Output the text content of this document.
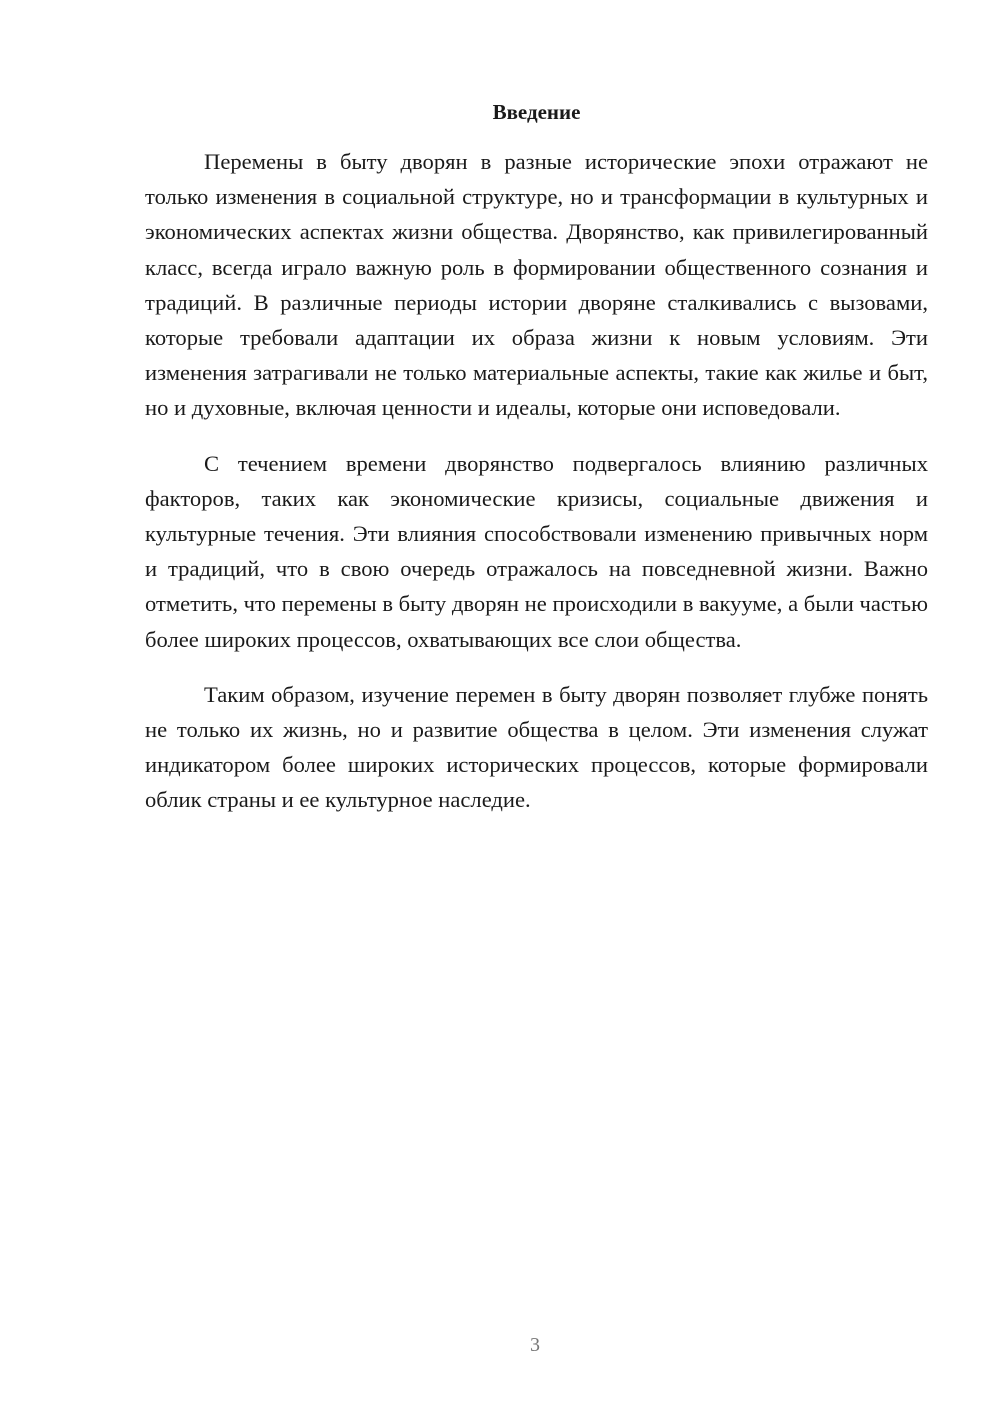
Введение

Перемены в быту дворян в разные исторические эпохи отражают не только изменения в социальной структуре, но и трансформации в культурных и экономических аспектах жизни общества. Дворянство, как привилегированный класс, всегда играло важную роль в формировании общественного сознания и традиций. В различные периоды истории дворяне сталкивались с вызовами, которые требовали адаптации их образа жизни к новым условиям. Эти изменения затрагивали не только материальные аспекты, такие как жилье и быт, но и духовные, включая ценности и идеалы, которые они исповедовали.

С течением времени дворянство подвергалось влиянию различных факторов, таких как экономические кризисы, социальные движения и культурные течения. Эти влияния способствовали изменению привычных норм и традиций, что в свою очередь отражалось на повседневной жизни. Важно отметить, что перемены в быту дворян не происходили в вакууме, а были частью более широких процессов, охватывающих все слои общества.

Таким образом, изучение перемен в быту дворян позволяет глубже понять не только их жизнь, но и развитие общества в целом. Эти изменения служат индикатором более широких исторических процессов, которые формировали облик страны и ее культурное наследие.

3
